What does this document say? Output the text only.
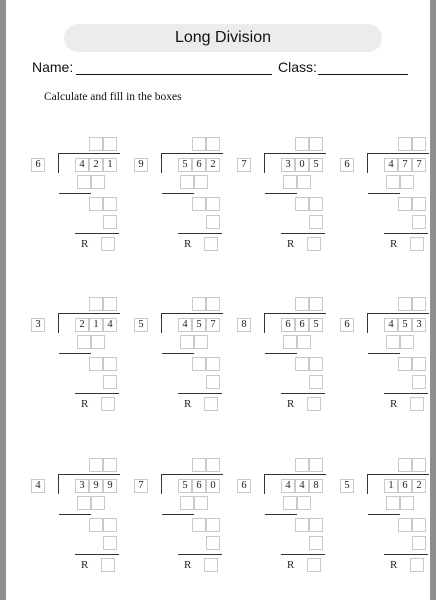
Long Division
Name:	Class:
Calculate and fill in the boxes
6	4 2 1
R
9	5 6 2
R
7	3 0 5
R
6	4 7 7
R
3	2 1 4
R
5	4 5 7
R
8	6 6 5
R
6	4 5 3
R
4	3 9 9
R
7	5 6 0
R
6	4 4 8
R
5	1 6 2
R
